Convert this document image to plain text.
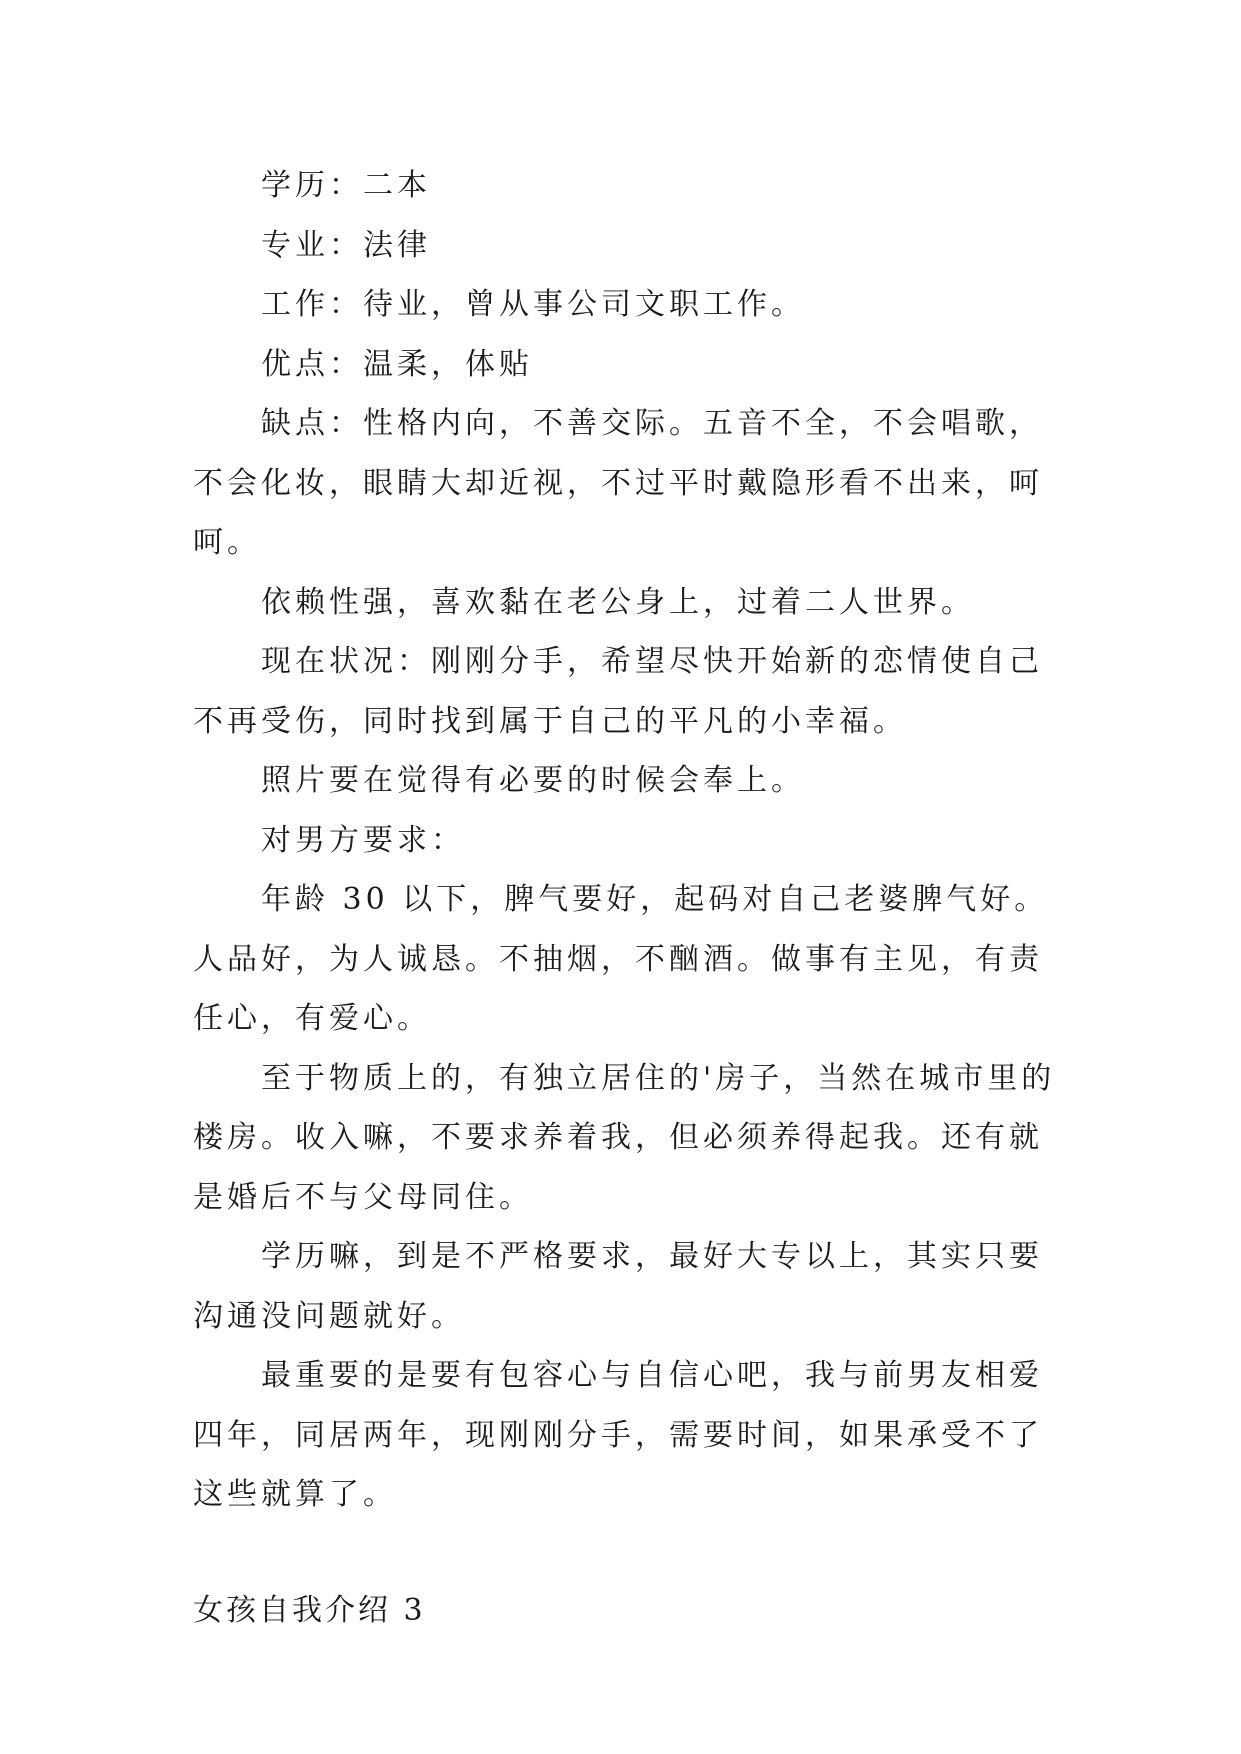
学历：二本

专业：法律

工作：待业，曾从事公司文职工作。

优点：温柔，体贴

缺点：性格内向，不善交际。五音不全，不会唱歌，不会化妆，眼睛大却近视，不过平时戴隐形看不出来，呵呵。

依赖性强，喜欢黏在老公身上，过着二人世界。

现在状况：刚刚分手，希望尽快开始新的恋情使自己不再受伤，同时找到属于自己的平凡的小幸福。

照片要在觉得有必要的时候会奉上。

对男方要求：

年龄 30 以下，脾气要好，起码对自己老婆脾气好。人品好，为人诚恳。不抽烟，不酗酒。做事有主见，有责任心，有爱心。

至于物质上的，有独立居住的'房子，当然在城市里的楼房。收入嘛，不要求养着我，但必须养得起我。还有就是婚后不与父母同住。

学历嘛，到是不严格要求，最好大专以上，其实只要沟通没问题就好。

最重要的是要有包容心与自信心吧，我与前男友相爱四年，同居两年，现刚刚分手，需要时间，如果承受不了这些就算了。

女孩自我介绍 3
